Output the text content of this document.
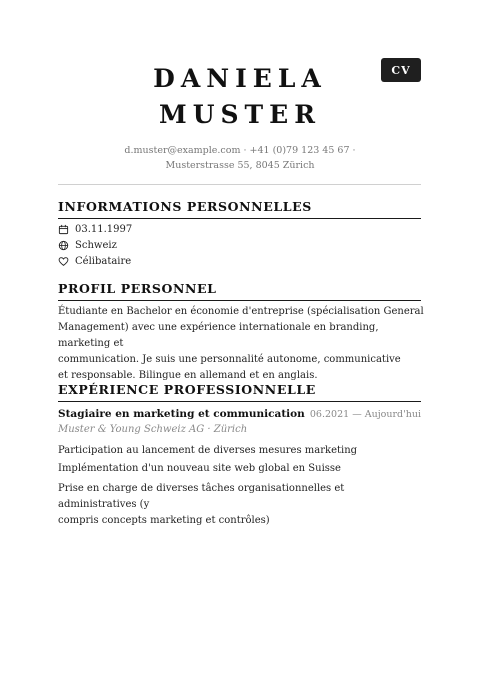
CV
DANIELA
MUSTER
d.muster@example.com · +41 (0)79 123 45 67 ·
Musterstrasse 55, 8045 Zürich
INFORMATIONS PERSONNELLES
03.11.1997
Schweiz
Célibataire
PROFIL PERSONNEL
Étudiante en Bachelor en économie d'entreprise (spécialisation General
Management) avec une expérience internationale en branding, marketing et
communication. Je suis une personnalité autonome, communicative
et responsable. Bilingue en allemand et en anglais.
EXPÉRIENCE PROFESSIONNELLE
Stagiaire en marketing et communication 06.2021 — Aujourd'hui
Muster & Young Schweiz AG · Zürich
Participation au lancement de diverses mesures marketing
Implémentation d'un nouveau site web global en Suisse
Prise en charge de diverses tâches organisationnelles et administratives (y
compris concepts marketing et contrôles)
